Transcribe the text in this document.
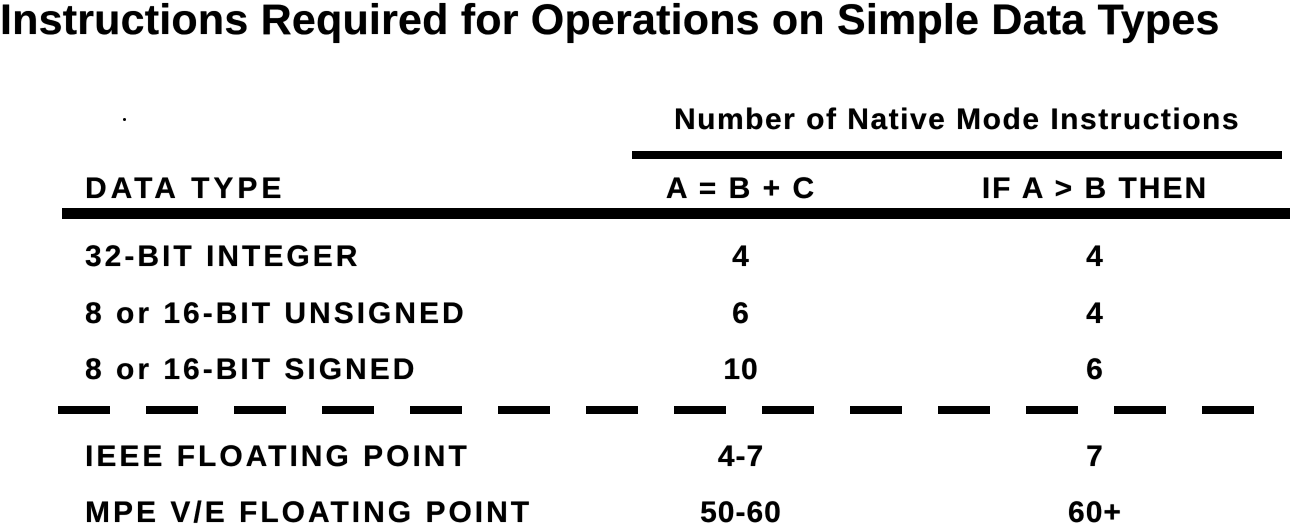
Instructions Required for Operations on Simple Data Types
Number of Native Mode Instructions
DATA TYPE	A = B + C	IF A > B THEN
32-BIT INTEGER	4	4
8 or 16-BIT UNSIGNED	6	4
8 or 16-BIT SIGNED	10	6
IEEE FLOATING POINT	4-7	7
MPE V/E FLOATING POINT	50-60	60+
